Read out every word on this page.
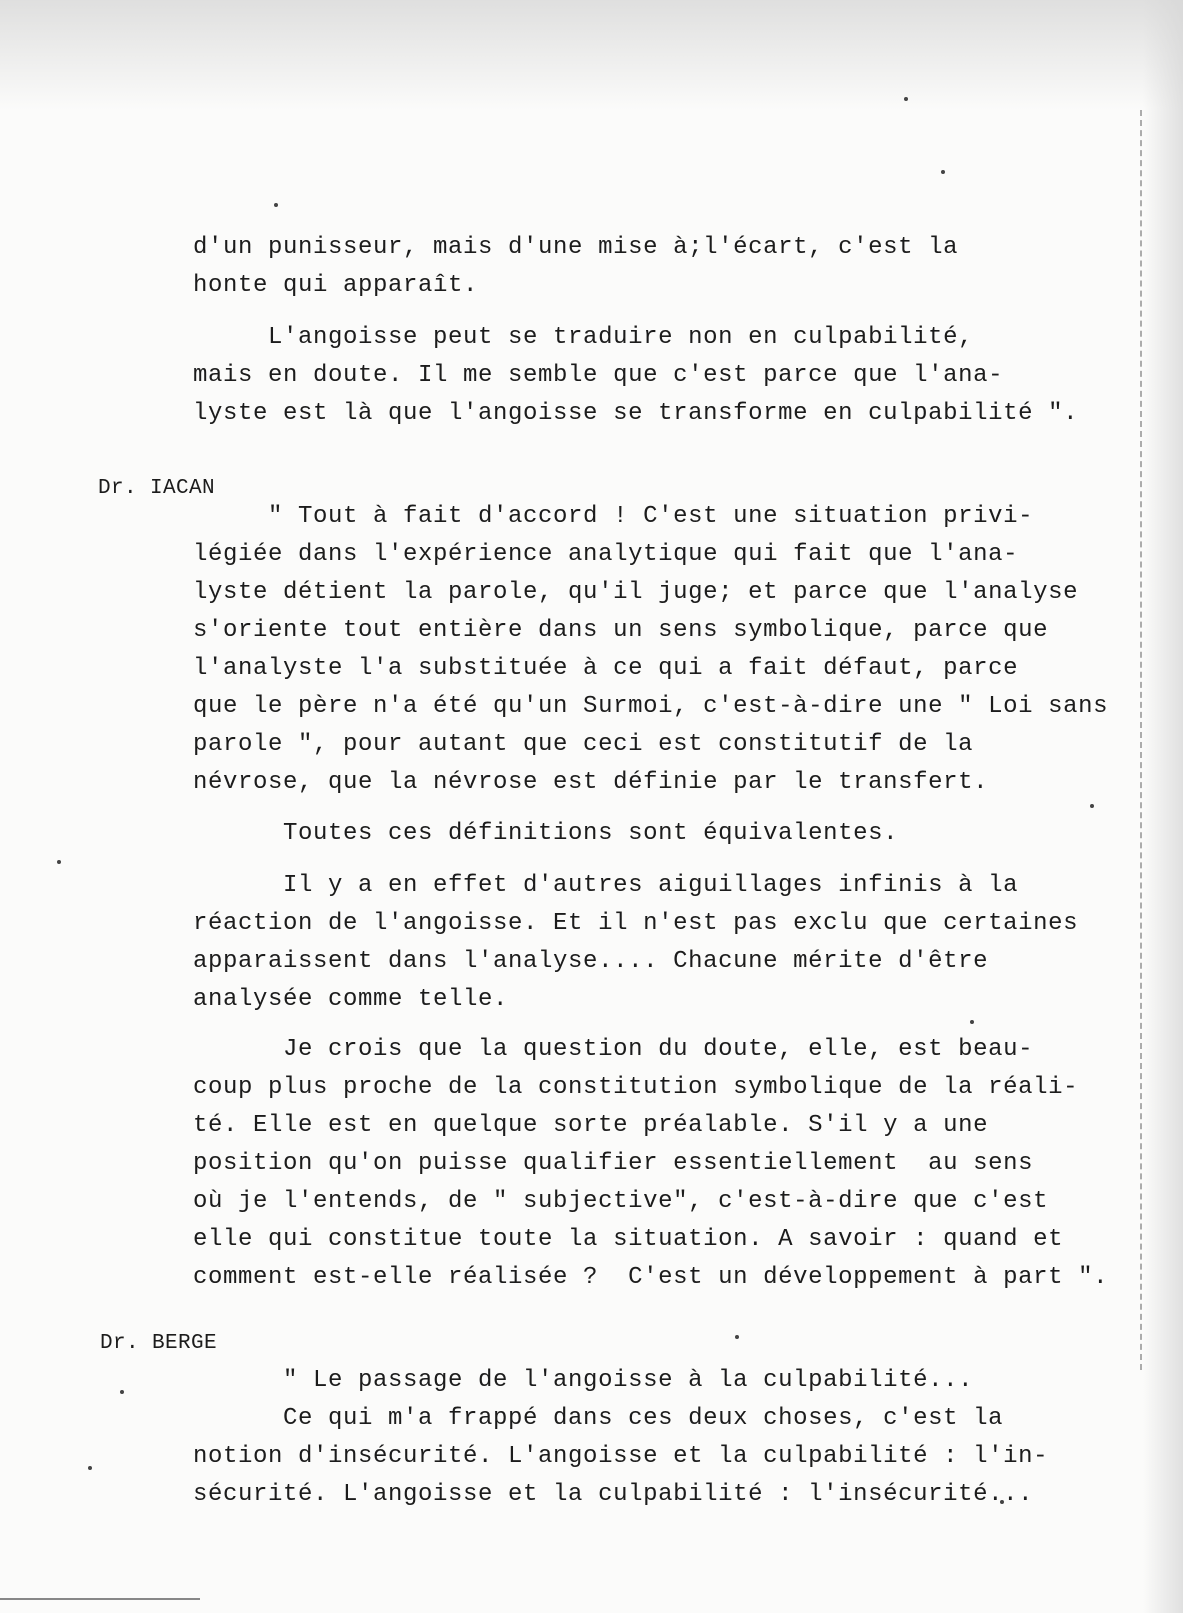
d'un punisseur, mais d'une mise à;l'écart, c'est la
honte qui apparaît.
L'angoisse peut se traduire non en culpabilité,
mais en doute. Il me semble que c'est parce que l'ana-
lyste est là que l'angoisse se transforme en culpabilité ".
Dr. IACAN
" Tout à fait d'accord ! C'est une situation privi-
légiée dans l'expérience analytique qui fait que l'ana-
lyste détient la parole, qu'il juge; et parce que l'analyse
s'oriente tout entière dans un sens symbolique, parce que
l'analyste l'a substituée à ce qui a fait défaut, parce
que le père n'a été qu'un Surmoi, c'est-à-dire une " Loi sans
parole ", pour autant que ceci est constitutif de la
névrose, que la névrose est définie par le transfert.
Toutes ces définitions sont équivalentes.
Il y a en effet d'autres aiguillages infinis à la
réaction de l'angoisse. Et il n'est pas exclu que certaines
apparaissent dans l'analyse.... Chacune mérite d'être
analysée comme telle.
Je crois que la question du doute, elle, est beau-
coup plus proche de la constitution symbolique de la réali-
té. Elle est en quelque sorte préalable. S'il y a une
position qu'on puisse qualifier essentiellement  au sens
où je l'entends, de " subjective", c'est-à-dire que c'est
elle qui constitue toute la situation. A savoir : quand et
comment est-elle réalisée ?  C'est un développement à part ".
Dr. BERGE
" Le passage de l'angoisse à la culpabilité...
Ce qui m'a frappé dans ces deux choses, c'est la
notion d'insécurité. L'angoisse et la culpabilité : l'in-
sécurité. L'angoisse et la culpabilité : l'insécurité...
